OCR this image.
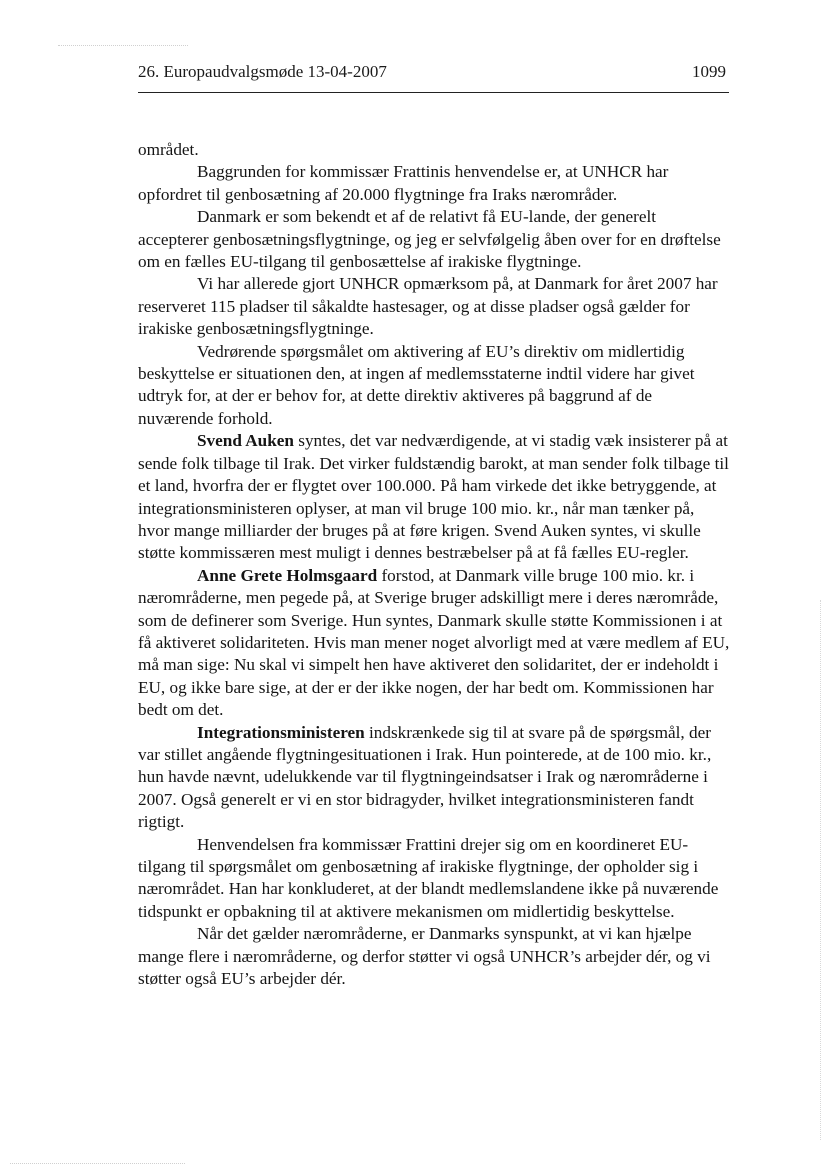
26. Europaudvalgsmøde 13-04-2007	1099

området.

Baggrunden for kommissær Frattinis henvendelse er, at UNHCR har opfordret til genbosætning af 20.000 flygtninge fra Iraks nærområder.

Danmark er som bekendt et af de relativt få EU-lande, der generelt accepterer genbosætningsflygtninge, og jeg er selvfølgelig åben over for en drøftelse om en fælles EU-tilgang til genbosættelse af irakiske flygtninge.

Vi har allerede gjort UNHCR opmærksom på, at Danmark for året 2007 har reserveret 115 pladser til såkaldte hastesager, og at disse pladser også gælder for irakiske genbosætningsflygtninge.

Vedrørende spørgsmålet om aktivering af EU’s direktiv om midlertidig beskyttelse er situationen den, at ingen af medlemsstaterne indtil videre har givet udtryk for, at der er behov for, at dette direktiv aktiveres på baggrund af de nuværende forhold.

Svend Auken syntes, det var nedværdigende, at vi stadig væk insisterer på at sende folk tilbage til Irak. Det virker fuldstændig barokt, at man sender folk tilbage til et land, hvorfra der er flygtet over 100.000. På ham virkede det ikke betryggende, at integrationsministeren oplyser, at man vil bruge 100 mio. kr., når man tænker på, hvor mange milliarder der bruges på at føre krigen. Svend Auken syntes, vi skulle støtte kommissæren mest muligt i dennes bestræbelser på at få fælles EU-regler.

Anne Grete Holmsgaard forstod, at Danmark ville bruge 100 mio. kr. i nærområderne, men pegede på, at Sverige bruger adskilligt mere i deres nærområde, som de definerer som Sverige. Hun syntes, Danmark skulle støtte Kommissionen i at få aktiveret solidariteten. Hvis man mener noget alvorligt med at være medlem af EU, må man sige: Nu skal vi simpelt hen have aktiveret den solidaritet, der er indeholdt i EU, og ikke bare sige, at der er der ikke nogen, der har bedt om. Kommissionen har bedt om det.

Integrationsministeren indskrænkede sig til at svare på de spørgsmål, der var stillet angående flygtningesituationen i Irak. Hun pointerede, at de 100 mio. kr., hun havde nævnt, udelukkende var til flygtningeindsatser i Irak og nærområderne i 2007. Også generelt er vi en stor bidragyder, hvilket integrationsministeren fandt rigtigt.

Henvendelsen fra kommissær Frattini drejer sig om en koordineret EU-tilgang til spørgsmålet om genbosætning af irakiske flygtninge, der opholder sig i nærområdet. Han har konkluderet, at der blandt medlemslandene ikke på nuværende tidspunkt er opbakning til at aktivere mekanismen om midlertidig beskyttelse.

Når det gælder nærområderne, er Danmarks synspunkt, at vi kan hjælpe mange flere i nærområderne, og derfor støtter vi også UNHCR’s arbejder dér, og vi støtter også EU’s arbejder dér.
